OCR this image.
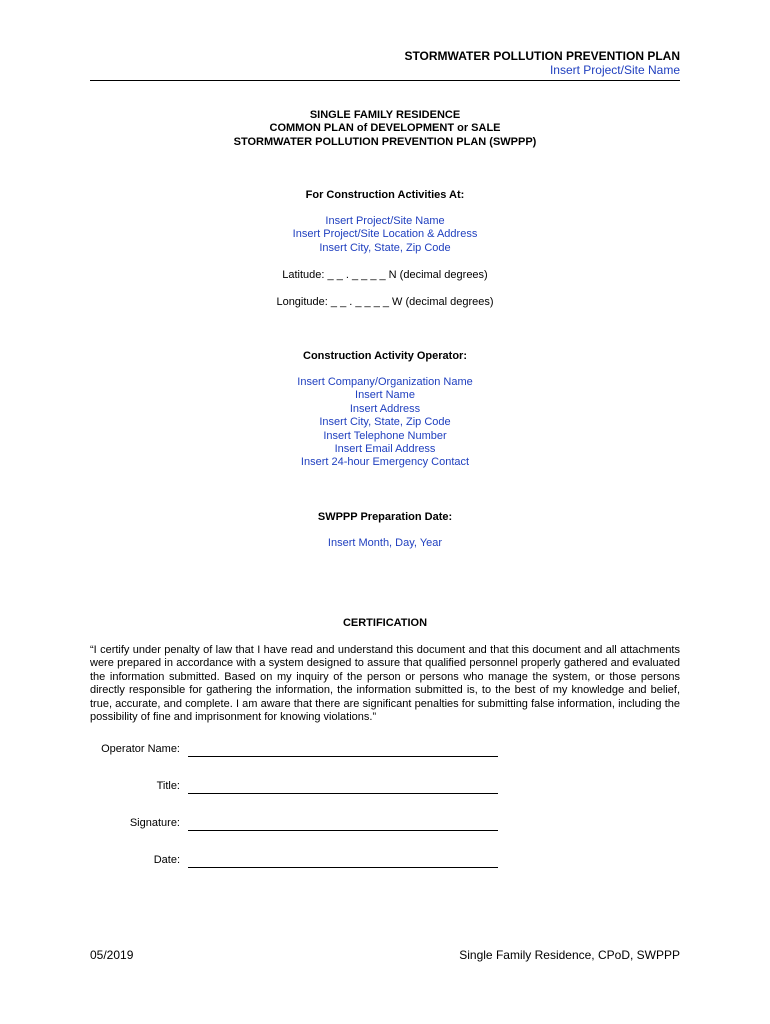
STORMWATER POLLUTION PREVENTION PLAN
Insert Project/Site Name
SINGLE FAMILY RESIDENCE
COMMON PLAN of DEVELOPMENT or SALE
STORMWATER POLLUTION PREVENTION PLAN (SWPPP)
For Construction Activities At:
Insert Project/Site Name
Insert Project/Site Location & Address
Insert City, State, Zip Code
Latitude: _ _ . _ _ _ _ N (decimal degrees)
Longitude: _ _ . _ _ _ _ W (decimal degrees)
Construction Activity Operator:
Insert Company/Organization Name
Insert Name
Insert Address
Insert City, State, Zip Code
Insert Telephone Number
Insert Email Address
Insert 24-hour Emergency Contact
SWPPP Preparation Date:
Insert Month, Day, Year
CERTIFICATION
“I certify under penalty of law that I have read and understand this document and that this document and all attachments were prepared in accordance with a system designed to assure that qualified personnel properly gathered and evaluated the information submitted. Based on my inquiry of the person or persons who manage the system, or those persons directly responsible for gathering the information, the information submitted is, to the best of my knowledge and belief, true, accurate, and complete. I am aware that there are significant penalties for submitting false information, including the possibility of fine and imprisonment for knowing violations.”
Operator Name:
Title:
Signature:
Date:
05/2019	Single Family Residence, CPoD, SWPPP
